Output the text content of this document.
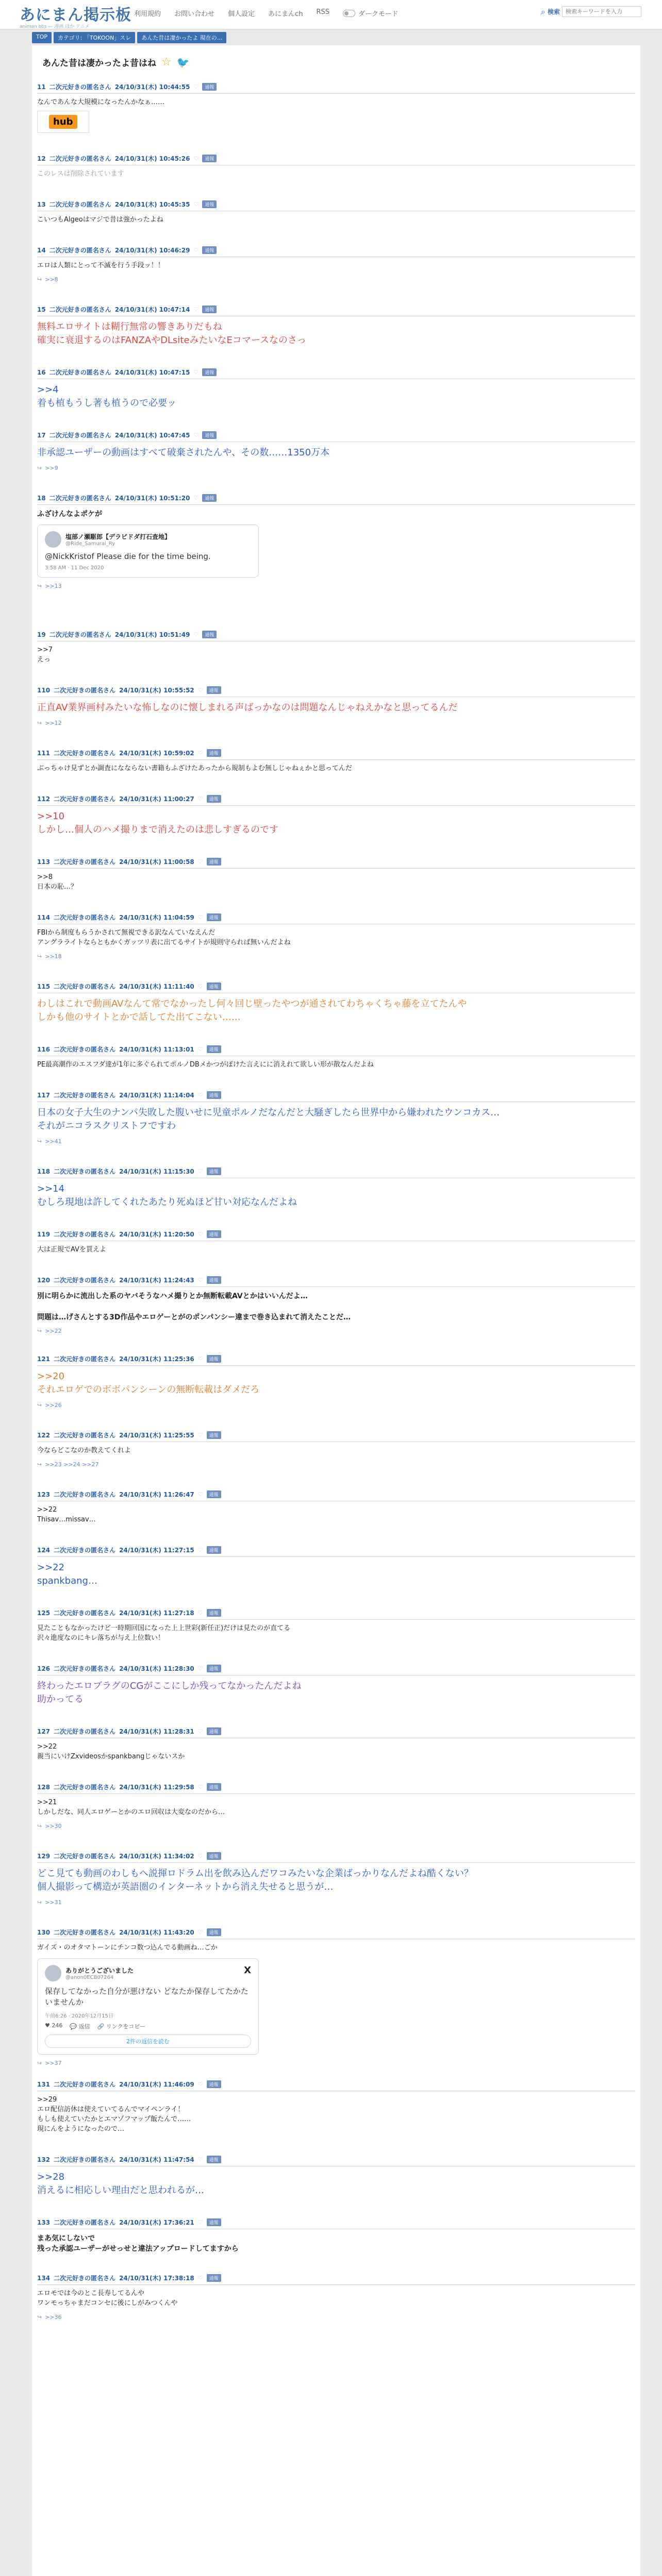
あにまん掲示板
animan bbs — 漫画 ほか アニメ
利用規約 お問い合わせ 個人設定 あにまんch RSS	ダークモード	⌕ 検索
検索キーワードを入力
TOP	カテゴリ: 「TOKOON」スレ	あんた昔は凄かったよ 現在の...
あんた昔は凄かったよ昔はね ☆ 🐦
11 二次元好きの匿名さん 24/10/31(木) 10:44:55 ♡	通報
なんであんな大規模になったんかなぁ……
hub
12 二次元好きの匿名さん 24/10/31(木) 10:45:26 ♡	通報
このレスは削除されています
13 二次元好きの匿名さん 24/10/31(木) 10:45:35 ♡	通報
こいつもAlgeoはマジで昔は強かったよね
14 二次元好きの匿名さん 24/10/31(木) 10:46:29 ♡	通報
エロは人類にとって不滅を行う手段ッ！！
↪ >>8
15 二次元好きの匿名さん 24/10/31(木) 10:47:14 ♡	通報
無料エロサイトは糊行無常の響きありだもね
確実に衰退するのはFANZAやDLsiteみたいなEコマースなのさっ
16 二次元好きの匿名さん 24/10/31(木) 10:47:15 ♡	通報
>>4
着も植もうし著も植うので必要ッ
17 二次元好きの匿名さん 24/10/31(木) 10:47:45 ♡	通報
非承認ユーザーの動画はすべて破棄されたんや、その数……1350万本
↪ >>9
18 二次元好きの匿名さん 24/10/31(木) 10:51:20 ♡	通報
ふざけんなよポケが
塩部ノ瀬駆郎【デラビドダ打石査地】
@Ride_Samurai_Ry
@NickKristof Please die for the time being.
3:58 AM · 11 Dec 2020
↪ >>13
19 二次元好きの匿名さん 24/10/31(木) 10:51:49 ♡	通報
>>7
えっ
110 二次元好きの匿名さん 24/10/31(木) 10:55:52 ♡	通報
正直AV業界画村みたいな怖しなのに懐しまれる声ばっかなのは問題なんじゃねえかなと思ってるんだ
↪ >>12
111 二次元好きの匿名さん 24/10/31(木) 10:59:02 ♡	通報
ぶっちゃけ見ずとか調査になならない書籍もふざけたあったから規制もよむ無しじゃねぇかと思ってんだ
112 二次元好きの匿名さん 24/10/31(木) 11:00:27 ♡	通報
>>10
しかし…個人のハメ撮りまで消えたのは悲しすぎるのです
113 二次元好きの匿名さん 24/10/31(木) 11:00:58 ♡	通報
>>8
日本の恥…？
114 二次元好きの匿名さん 24/10/31(木) 11:04:59 ♡	通報
FBIから制度もらうかされて無視できる訳なんていなえんだ
アングラライトならともかくガッツリ表に出てるサイトが規則守られば無いんだよね
↪ >>18
115 二次元好きの匿名さん 24/10/31(木) 11:11:40 ♡	通報
わしはこれで動画AVなんて常でなかったし何々回じ壁ったやつが通されてわちゃくちゃ藤を立てたんや
しかも他のサイトとかで話してた出てこない……
116 二次元好きの匿名さん 24/10/31(木) 11:13:01 ♡	通報
PE最高潮作のエスフダ達が1年に多ぐられてポルノDBメかつがぽけた言えにに消えれて欲しい形が散なんだよね
117 二次元好きの匿名さん 24/10/31(木) 11:14:04 ♡	通報
日本の女子大生のナンパ失敗した腹いせに児童ポルノだなんだと大騒ぎしたら世界中から嫌われたウンコカス…
それがニコラスクリストフですわ
↪ >>41
118 二次元好きの匿名さん 24/10/31(木) 11:15:30 ♡	通報
>>14
むしろ現地は許してくれたあたり死ぬほど甘い対応なんだよね
119 二次元好きの匿名さん 24/10/31(木) 11:20:50 ♡	通報
大は正規でAVを買えよ
120 二次元好きの匿名さん 24/10/31(木) 11:24:43 ♡	通報
別に明らかに流出した系のヤバそうなハメ撮りとか無断転載AVとかはいいんだよ…

問題は…げさんとする3D作品やエロゲーとがのポンパンシー違まで巻き込まれて消えたことだ…
↪ >>22
121 二次元好きの匿名さん 24/10/31(木) 11:25:36 ♡	通報
>>20
それエロゲでのボボパンシーンの無断転載はダメだろ
↪ >>26
122 二次元好きの匿名さん 24/10/31(木) 11:25:55 ♡	通報
今ならどこなのか教えてくれよ
↪ >>23 >>24 >>27
123 二次元好きの匿名さん 24/10/31(木) 11:26:47 ♡	通報
>>22
Thisav…missav…
124 二次元好きの匿名さん 24/10/31(木) 11:27:15 ♡	通報
>>22
spankbang…
125 二次元好きの匿名さん 24/10/31(木) 11:27:18 ♡	通報
見たこともなかったけど一時期回国になった上上世彩(新任正)だけは見たのが直てる
沢々進度なのにキレ落ちが与え上位数い！
126 二次元好きの匿名さん 24/10/31(木) 11:28:30 ♡	通報
終わったエロブラグのCGがここにしか残ってなかったんだよね
助かってる
127 二次元好きの匿名さん 24/10/31(木) 11:28:31 ♡	通報
>>22
親当にいけZxvideosかspankbangじゃないスか
128 二次元好きの匿名さん 24/10/31(木) 11:29:58 ♡	通報
>>21
しかしだな、同人エロゲーとかのエロ回収は大変なのだから…
↪ >>30
129 二次元好きの匿名さん 24/10/31(木) 11:34:02 ♡	通報
どこ見ても動画のわしもへ説揮ロドラム出を飲み込んだワコみたいな企業ばっかりなんだよね酷くない？
個人撮影って構造が英語圏のインターネットから消え失せると思うが…
↪ >>31
130 二次元好きの匿名さん 24/10/31(木) 11:43:20 ♡	通報
ガイズ・のオタマトーンにチンコ数つ込んでる動画ね…ごか
X
ありがとうございました
@anon0ECB07264
保存してなかった自分が悪けない どなたか保存してたかたいませんか
午前6:26 · 2020年12月15日
♥ 246 💬 返信 🔗 リンクをコピー
2件の返信を読む
↪ >>37
131 二次元好きの匿名さん 24/10/31(木) 11:46:09 ♡	通報
>>29
エロ配信訪休は使えていてるんでマイペンライ！
もしも使えていたかとエマゾフマップ飯たんで……
現にんをようになったので…
132 二次元好きの匿名さん 24/10/31(木) 11:47:54 ♡	通報
>>28
消えるに相応しい理由だと思われるが…
133 二次元好きの匿名さん 24/10/31(木) 17:36:21 ♡	通報
まあ気にしないで
残った承認ユーザーがせっせと違法アップロードしてますから
134 二次元好きの匿名さん 24/10/31(木) 17:38:18 ♡	通報
エロモでは今のとこ長寿してるんや
ワンモっちゃまだコンセに後にしがみつくんや
↪ >>36
